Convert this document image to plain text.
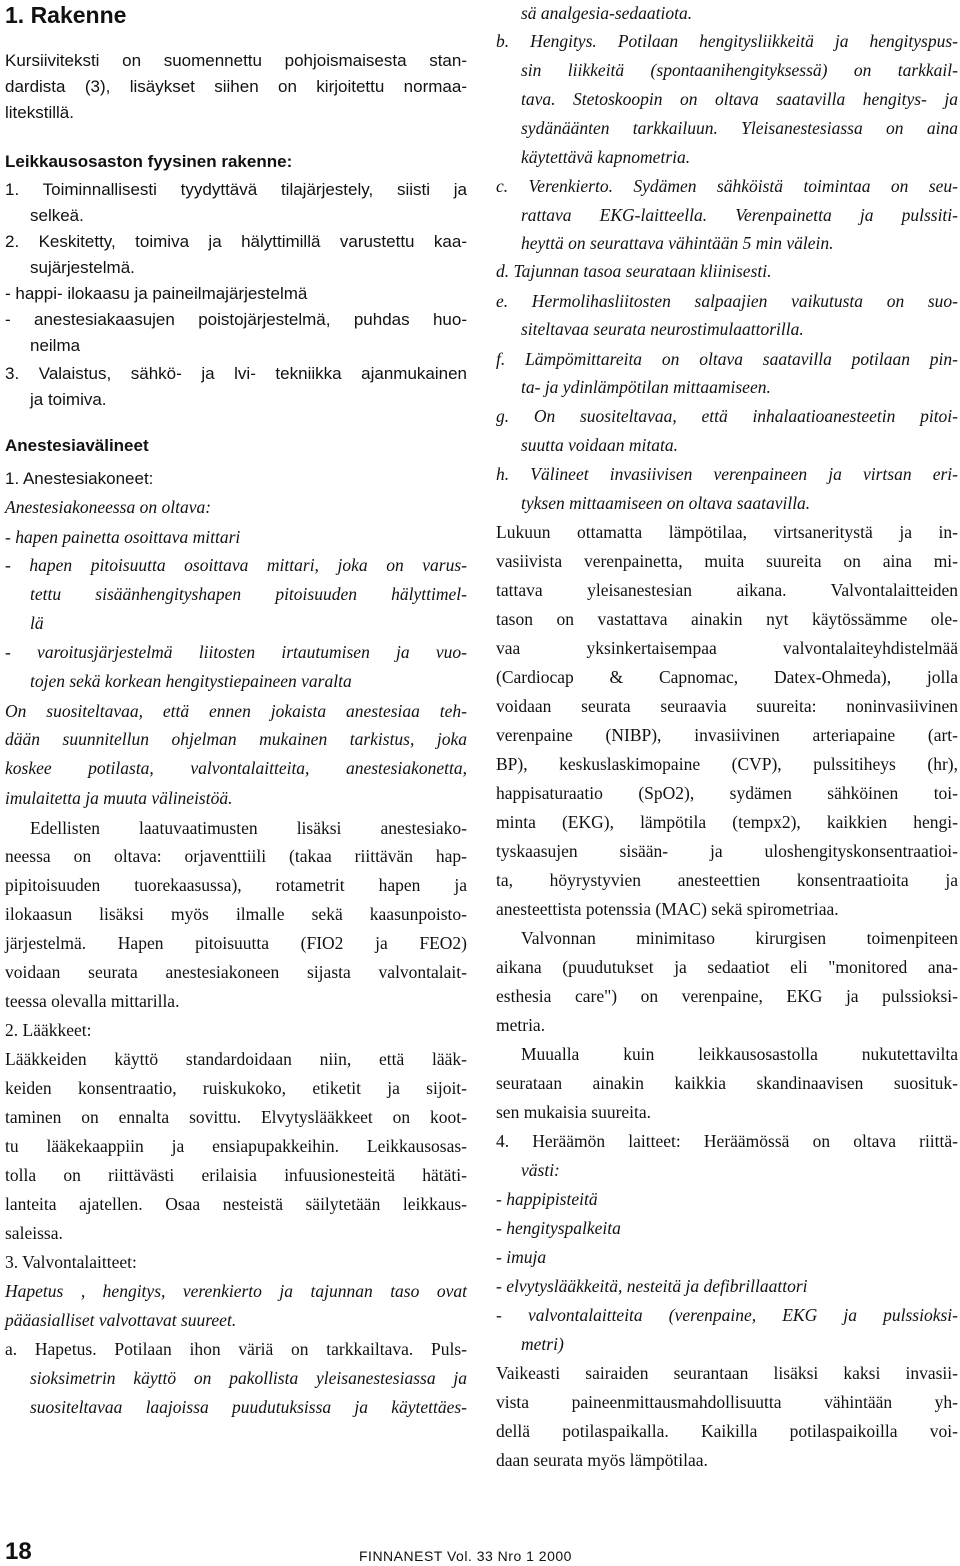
1. Rakenne
Kursiiviteksti on suomennettu pohjoismaisesta stan-
dardista (3), lisäykset siihen on kirjoitettu normaa-
litekstillä.
Leikkausosaston fyysinen rakenne:
1. Toiminnallisesti tyydyttävä tilajärjestely, siisti ja
selkeä.
2. Keskitetty, toimiva ja hälyttimillä varustettu kaa-
sujärjestelmä.
- happi- ilokaasu ja paineilmajärjestelmä
- anestesiakaasujen poistojärjestelmä, puhdas huo-
neilma
3. Valaistus, sähkö- ja lvi- tekniikka ajanmukainen
ja toimiva.
Anestesiavälineet
1. Anestesiakoneet:
Anestesiakoneessa on oltava:
- hapen painetta osoittava mittari
- hapen pitoisuutta osoittava mittari, joka on varus-
tettu sisäänhengityshapen pitoisuuden hälyttimel-
lä
- varoitusjärjestelmä liitosten irtautumisen ja vuo-
tojen sekä korkean hengitystiepaineen varalta
On suositeltavaa, että ennen jokaista anestesiaa teh-
dään suunnitellun ohjelman mukainen tarkistus, joka
koskee potilasta, valvontalaitteita, anestesiakonetta,
imulaitetta ja muuta välineistöä.
Edellisten laatuvaatimusten lisäksi anestesiako-
neessa on oltava: orjaventtiili (takaa riittävän hap-
pipitoisuuden tuorekaasussa), rotametrit hapen ja
ilokaasun lisäksi myös ilmalle sekä kaasunpoisto-
järjestelmä. Hapen pitoisuutta (FIO2 ja FEO2)
voidaan seurata anestesiakoneen sijasta valvontalait-
teessa olevalla mittarilla.
2. Lääkkeet:
Lääkkeiden käyttö standardoidaan niin, että lääk-
keiden konsentraatio, ruiskukoko, etiketit ja sijoit-
taminen on ennalta sovittu. Elvytyslääkkeet on koot-
tu lääkekaappiin ja ensiapupakkeihin. Leikkausosas-
tolla on riittävästi erilaisia infuusionesteitä hätäti-
lanteita ajatellen. Osaa nesteistä säilytetään leikkaus-
saleissa.
3. Valvontalaitteet:
Hapetus , hengitys, verenkierto ja tajunnan taso ovat
pääasialliset valvottavat suureet.
a. Hapetus. Potilaan ihon väriä on tarkkailtava. Puls-
sioksimetrin käyttö on pakollista yleisanestesiassa ja
suositeltavaa laajoissa puudutuksissa ja käytettäes-
sä analgesia-sedaatiota.
b. Hengitys. Potilaan hengitysliikkeitä ja hengityspus-
sin liikkeitä (spontaanihengityksessä) on tarkkail-
tava. Stetoskoopin on oltava saatavilla hengitys- ja
sydänäänten tarkkailuun. Yleisanestesiassa on aina
käytettävä kapnometria.
c. Verenkierto. Sydämen sähköistä toimintaa on seu-
rattava EKG-laitteella. Verenpainetta ja pulssiti-
heyttä on seurattava vähintään 5 min välein.
d. Tajunnan tasoa seurataan kliinisesti.
e. Hermolihasliitosten salpaajien vaikutusta on suo-
siteltavaa seurata neurostimulaattorilla.
f. Lämpömittareita on oltava saatavilla potilaan pin-
ta- ja ydinlämpötilan mittaamiseen.
g. On suositeltavaa, että inhalaatioanesteetin pitoi-
suutta voidaan mitata.
h. Välineet invasiivisen verenpaineen ja virtsan eri-
tyksen mittaamiseen on oltava saatavilla.
Lukuun ottamatta lämpötilaa, virtsaneritystä ja in-
vasiivista verenpainetta, muita suureita on aina mi-
tattava yleisanestesian aikana. Valvontalaitteiden
tason on vastattava ainakin nyt käytössämme ole-
vaa yksinkertaisempaa valvontalaiteyhdistelmää
(Cardiocap & Capnomac, Datex-Ohmeda), jolla
voidaan seurata seuraavia suureita: noninvasiivinen
verenpaine (NIBP), invasiivinen arteriapaine (art-
BP), keskuslaskimopaine (CVP), pulssitiheys (hr),
happisaturaatio (SpO2), sydämen sähköinen toi-
minta (EKG), lämpötila (tempx2), kaikkien hengi-
tyskaasujen sisään- ja uloshengityskonsentraatioi-
ta, höyrystyvien anesteettien konsentraatioita ja
anesteettista potenssia (MAC) sekä spirometriaa.
Valvonnan minimitaso kirurgisen toimenpiteen
aikana (puudutukset ja sedaatiot eli "monitored ana-
esthesia care") on verenpaine, EKG ja pulssioksi-
metria.
Muualla kuin leikkausosastolla nukutettavilta
seurataan ainakin kaikkia skandinaavisen suosituk-
sen mukaisia suureita.
4. Heräämön laitteet: Heräämössä on oltava riittä-
västi:
- happipisteitä
- hengityspalkeita
- imuja
- elvytyslääkkeitä, nesteitä ja defibrillaattori
- valvontalaitteita (verenpaine, EKG ja pulssioksi-
metri)
Vaikeasti sairaiden seurantaan lisäksi kaksi invasii-
vista paineenmittausmahdollisuutta vähintään yh-
dellä potilaspaikalla. Kaikilla potilaspaikoilla voi-
daan seurata myös lämpötilaa.
18	FINNANEST Vol. 33 Nro 1 2000
